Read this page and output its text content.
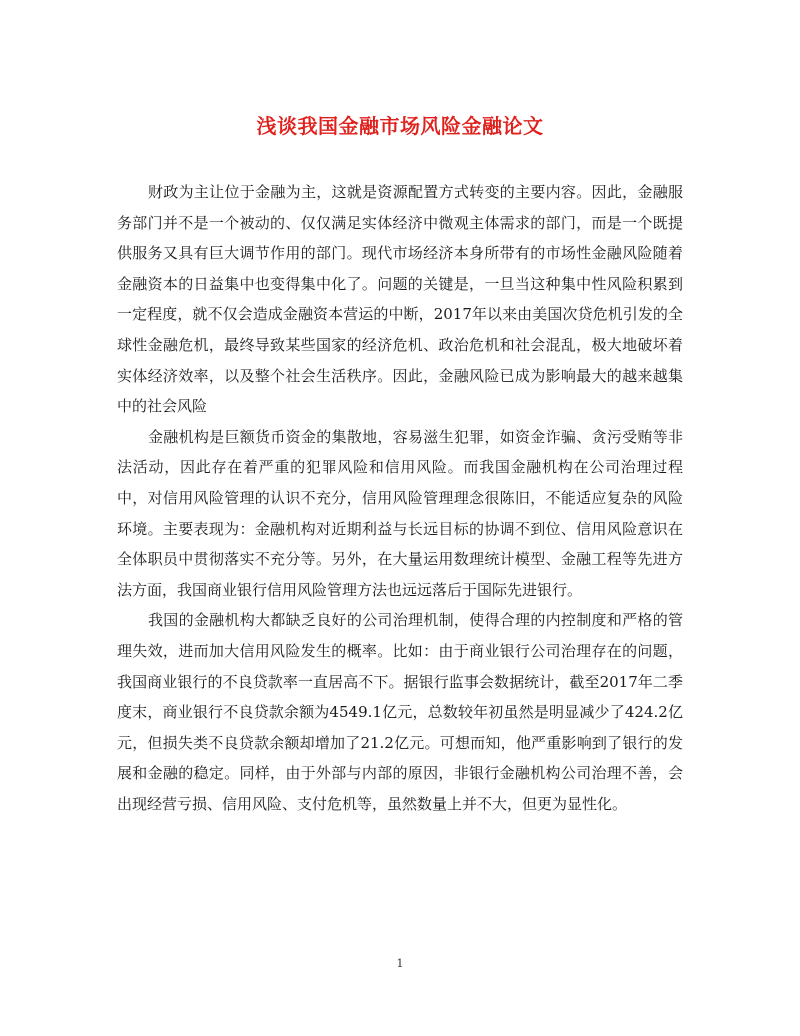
浅谈我国金融市场风险金融论文

财政为主让位于金融为主，这就是资源配置方式转变的主要内容。因此，金融服务部门并不是一个被动的、仅仅满足实体经济中微观主体需求的部门，而是一个既提供服务又具有巨大调节作用的部门。现代市场经济本身所带有的市场性金融风险随着金融资本的日益集中也变得集中化了。问题的关键是，一旦当这种集中性风险积累到一定程度，就不仅会造成金融资本营运的中断，2017年以来由美国次贷危机引发的全球性金融危机，最终导致某些国家的经济危机、政治危机和社会混乱，极大地破坏着实体经济效率，以及整个社会生活秩序。因此，金融风险已成为影响最大的越来越集中的社会风险

金融机构是巨额货币资金的集散地，容易滋生犯罪，如资金诈骗、贪污受贿等非法活动，因此存在着严重的犯罪风险和信用风险。而我国金融机构在公司治理过程中，对信用风险管理的认识不充分，信用风险管理理念很陈旧，不能适应复杂的风险环境。主要表现为：金融机构对近期利益与长远目标的协调不到位、信用风险意识在全体职员中贯彻落实不充分等。另外，在大量运用数理统计模型、金融工程等先进方法方面，我国商业银行信用风险管理方法也远远落后于国际先进银行。

我国的金融机构大都缺乏良好的公司治理机制，使得合理的内控制度和严格的管理失效，进而加大信用风险发生的概率。比如：由于商业银行公司治理存在的问题，我国商业银行的不良贷款率一直居高不下。据银行监事会数据统计，截至2017年二季度末，商业银行不良贷款余额为4549.1亿元，总数较年初虽然是明显减少了424.2亿元，但损失类不良贷款余额却增加了21.2亿元。可想而知，他严重影响到了银行的发展和金融的稳定。同样，由于外部与内部的原因，非银行金融机构公司治理不善，会出现经营亏损、信用风险、支付危机等，虽然数量上并不大，但更为显性化。

1
